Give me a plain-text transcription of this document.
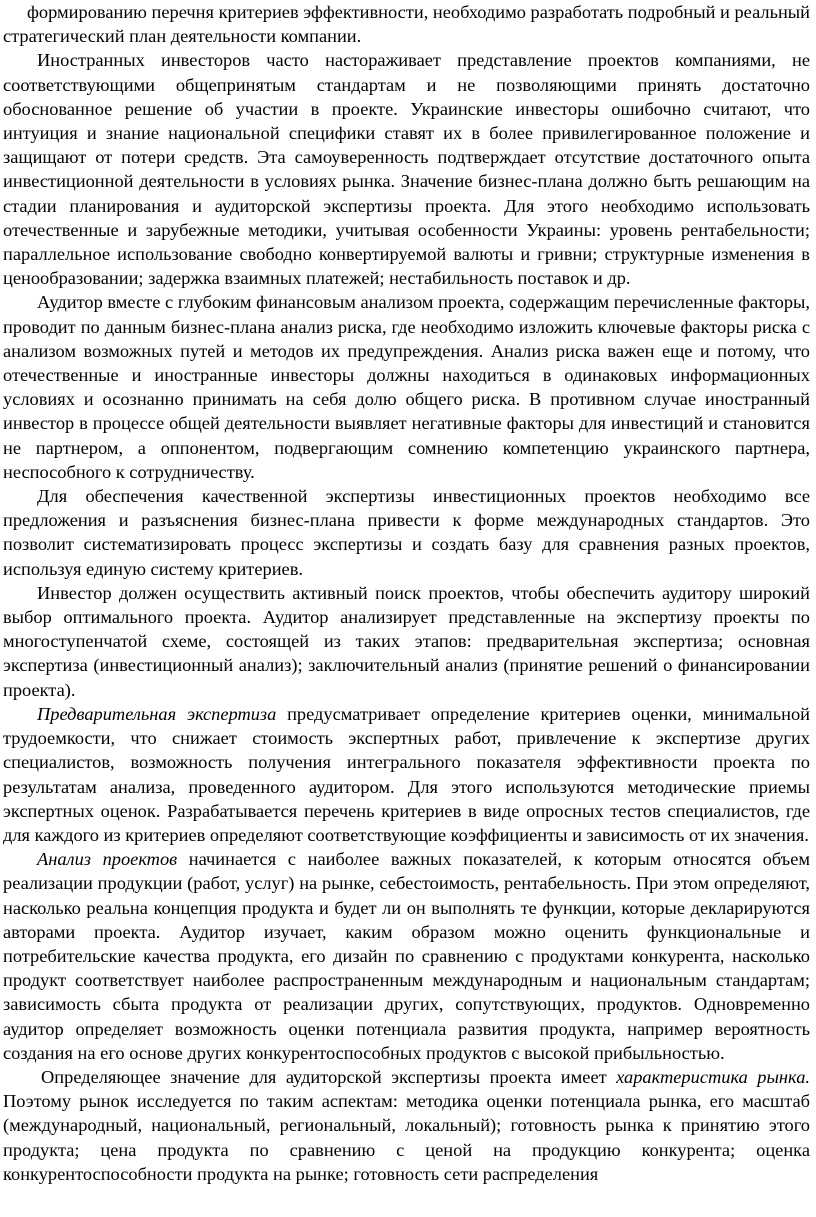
формированию перечня критериев эффективности, необходимо разработать подробный и реальный стратегический план деятельности компании.

Иностранных инвесторов часто настораживает представление проектов компаниями, не соответствующими общепринятым стандартам и не позволяющими принять достаточно обоснованное решение об участии в проекте. Украинские инвесторы ошибочно считают, что интуиция и знание национальной специфики ставят их в более привилегированное положение и защищают от потери средств. Эта самоуверенность подтверждает отсутствие достаточного опыта инвестиционной деятельности в условиях рынка. Значение бизнес-плана должно быть решающим на стадии планирования и аудиторской экспертизы проекта. Для этого необходимо использовать отечественные и зарубежные методики, учитывая особенности Украины: уровень рентабельности; параллельное использование свободно конвертируемой валюты и гривни; структурные изменения в ценообразовании; задержка взаимных платежей; нестабильность поставок и др.

Аудитор вместе с глубоким финансовым анализом проекта, содержащим перечисленные факторы, проводит по данным бизнес-плана анализ риска, где необходимо изложить ключевые факторы риска с анализом возможных путей и методов их предупреждения. Анализ риска важен еще и потому, что отечественные и иностранные инвесторы должны находиться в одинаковых информационных условиях и осознанно принимать на себя долю общего риска. В противном случае иностранный инвестор в процессе общей деятельности выявляет негативные факторы для инвестиций и становится не партнером, а оппонентом, подвергающим сомнению компетенцию украинского партнера, неспособного к сотрудничеству.

Для обеспечения качественной экспертизы инвестиционных проектов необходимо все предложения и разъяснения бизнес-плана привести к форме международных стандартов. Это позволит систематизировать процесс экспертизы и создать базу для сравнения разных проектов, используя единую систему критериев.

Инвестор должен осуществить активный поиск проектов, чтобы обеспечить аудитору широкий выбор оптимального проекта. Аудитор анализирует представленные на экспертизу проекты по многоступенчатой схеме, состоящей из таких этапов: предварительная экспертиза; основная экспертиза (инвестиционный анализ); заключительный анализ (принятие решений о финансировании проекта).

Предварительная экспертиза предусматривает определение критериев оценки, минимальной трудоемкости, что снижает стоимость экспертных работ, привлечение к экспертизе других специалистов, возможность получения интегрального показателя эффективности проекта по результатам анализа, проведенного аудитором. Для этого используются методические приемы экспертных оценок. Разрабатывается перечень критериев в виде опросных тестов специалистов, где для каждого из критериев определяют соответствующие коэффициенты и зависимость от их значения.

Анализ проектов начинается с наиболее важных показателей, к которым относятся объем реализации продукции (работ, услуг) на рынке, себестоимость, рентабельность. При этом определяют, насколько реальна концепция продукта и будет ли он выполнять те функции, которые декларируются авторами проекта. Аудитор изучает, каким образом можно оценить функциональные и потребительские качества продукта, его дизайн по сравнению с продуктами конкурента, насколько продукт соответствует наиболее распространенным международным и национальным стандартам; зависимость сбыта продукта от реализации других, сопутствующих, продуктов. Одновременно аудитор определяет возможность оценки потенциала развития продукта, например вероятность создания на его основе других конкурентоспособных продуктов с высокой прибыльностью.

Определяющее значение для аудиторской экспертизы проекта имеет характеристика рынка. Поэтому рынок исследуется по таким аспектам: методика оценки потенциала рынка, его масштаб (международный, национальный, региональный, локальный); готовность рынка к принятию этого продукта; цена продукта по сравнению с ценой на продукцию конкурента; оценка конкурентоспособности продукта на рынке; готовность сети распределения
